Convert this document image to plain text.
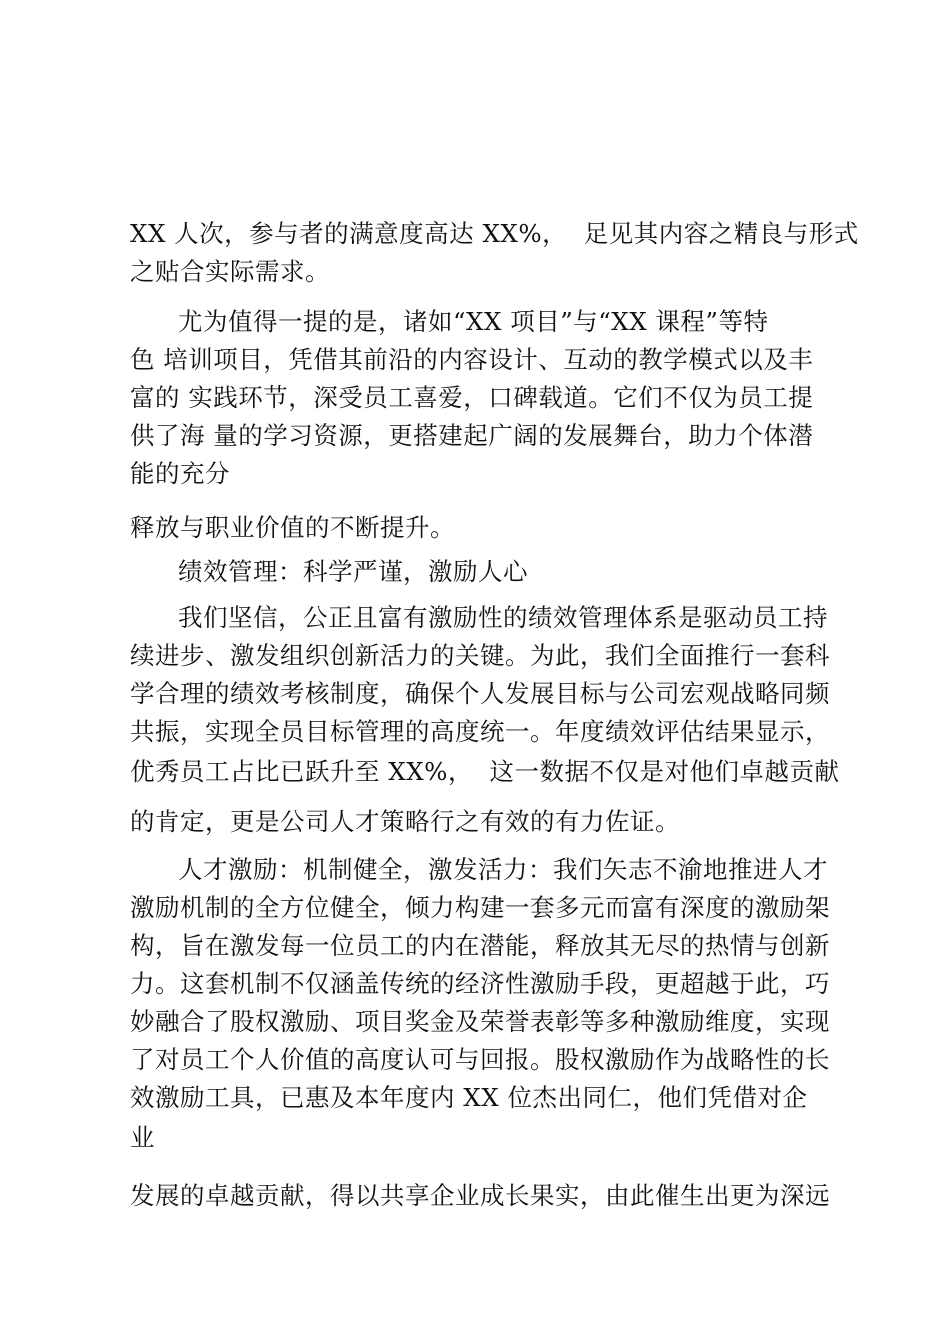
XX 人次，参与者的满意度高达 XX%，  足见其内容之精良与形式
之贴合实际需求。
尤为值得一提的是，诸如“XX 项目”与“XX 课程”等特
色 培训项目，凭借其前沿的内容设计、互动的教学模式以及丰
富的 实践环节，深受员工喜爱，口碑载道。它们不仅为员工提
供了海 量的学习资源，更搭建起广阔的发展舞台，助力个体潜
能的充分
释放与职业价值的不断提升。
绩效管理：科学严谨，激励人心
我们坚信，公正且富有激励性的绩效管理体系是驱动员工持
续进步、激发组织创新活力的关键。为此，我们全面推行一套科
学合理的绩效考核制度，确保个人发展目标与公司宏观战略同频
共振，实现全员目标管理的高度统一。年度绩效评估结果显示，
优秀员工占比已跃升至 XX%，  这一数据不仅是对他们卓越贡献
的肯定，更是公司人才策略行之有效的有力佐证。
人才激励：机制健全，激发活力：我们矢志不渝地推进人才
激励机制的全方位健全，倾力构建一套多元而富有深度的激励架
构，旨在激发每一位员工的内在潜能，释放其无尽的热情与创新
力。这套机制不仅涵盖传统的经济性激励手段，更超越于此，巧
妙融合了股权激励、项目奖金及荣誉表彰等多种激励维度，实现
了对员工个人价值的高度认可与回报。股权激励作为战略性的长
效激励工具，已惠及本年度内 XX 位杰出同仁，他们凭借对企
业
发展的卓越贡献，得以共享企业成长果实，由此催生出更为深远
